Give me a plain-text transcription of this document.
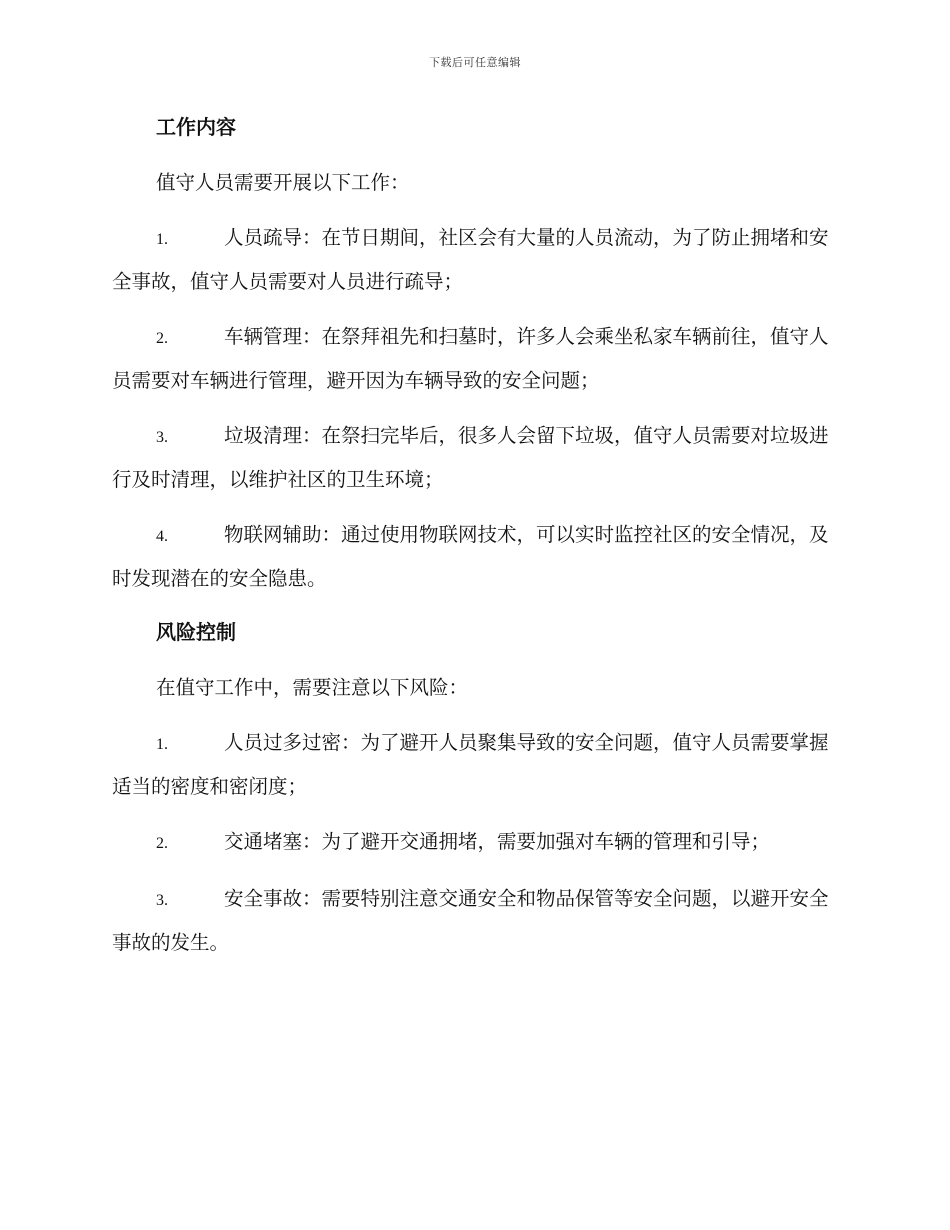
下载后可任意编辑
工作内容
值守人员需要开展以下工作：
1.	人员疏导：在节日期间，社区会有大量的人员流动，为了防止拥堵和安全事故，值守人员需要对人员进行疏导；
2.	车辆管理：在祭拜祖先和扫墓时，许多人会乘坐私家车辆前往，值守人员需要对车辆进行管理，避开因为车辆导致的安全问题；
3.	垃圾清理：在祭扫完毕后，很多人会留下垃圾，值守人员需要对垃圾进行及时清理，以维护社区的卫生环境；
4.	物联网辅助：通过使用物联网技术，可以实时监控社区的安全情况，及时发现潜在的安全隐患。
风险控制
在值守工作中，需要注意以下风险：
1.	人员过多过密：为了避开人员聚集导致的安全问题，值守人员需要掌握适当的密度和密闭度；
2.	交通堵塞：为了避开交通拥堵，需要加强对车辆的管理和引导；
3.	安全事故：需要特别注意交通安全和物品保管等安全问题，以避开安全事故的发生。
